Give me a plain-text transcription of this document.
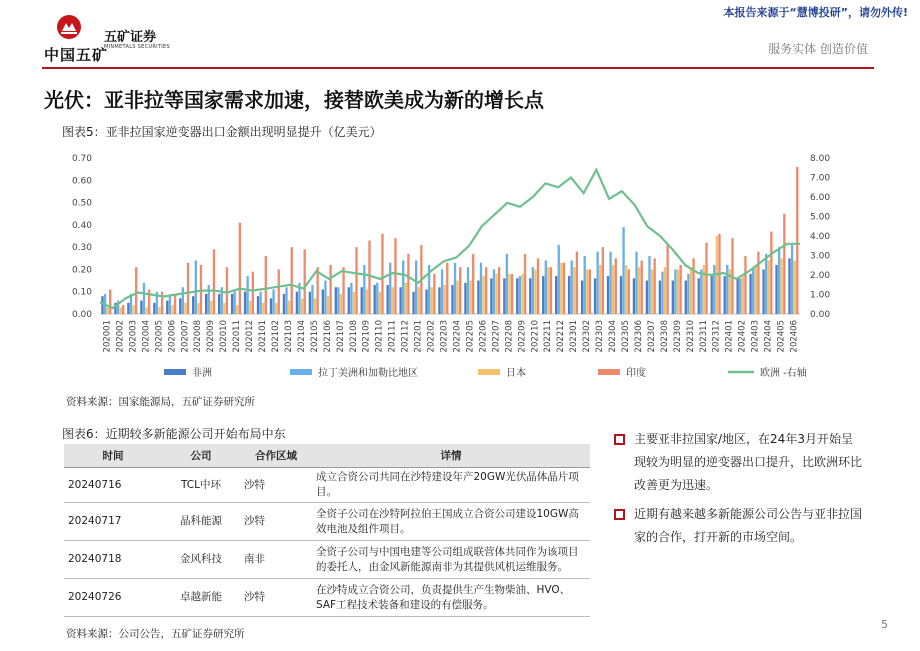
中国五矿
五矿证券
MINMETALS SECURITIES
本报告来源于“慧博投研”，请勿外传!
服务实体 创造价值
光伏：亚非拉等国家需求加速，接替欧美成为新的增长点
图表5：亚非拉国家逆变器出口金额出现明显提升（亿美元）
0.00
0.10
0.20
0.30
0.40
0.50
0.60
0.70
0.00
1.00
2.00
3.00
4.00
5.00
6.00
7.00
8.00
202001 202002 202003 202004 202005 202006 202007 202008 202009 202010 202011 202012 202101 202102 202103 202104 202105 202106 202107 202108 202109 202110 202111 202112 202201 202202 202203 202204 202205 202206 202207 202208 202209 202210 202211 202212 202301 202302 202303 202304 202305 202306 202307 202308 202309 202310 202311 202312 202401 202402 202403 202404 202405 202406
非洲	拉丁美洲和加勒比地区	日本	印度	欧洲 -右轴
资料来源：国家能源局，五矿证券研究所
图表6：近期较多新能源公司开始布局中东
时间	公司	合作区域	详情
20240716	TCL中环	沙特	成立合资公司共同在沙特建设年产20GW光伏晶体晶片项目。
20240717	晶科能源	沙特	全资子公司在沙特阿拉伯王国成立合资公司建设10GW高效电池及组件项目。
20240718	金风科技	南非	全资子公司与中国电建等公司组成联营体共同作为该项目的委托人，由金风新能源南非为其提供风机运维服务。
20240726	卓越新能	沙特	在沙特成立合资公司，负责提供生产生物柴油、HVO、SAF工程技术装备和建设的有偿服务。
资料来源：公司公告，五矿证券研究所
主要亚非拉国家/地区，在24年3月开始呈现较为明显的逆变器出口提升，比欧洲环比改善更为迅速。
近期有越来越多新能源公司公告与亚非拉国家的合作，打开新的市场空间。
5
